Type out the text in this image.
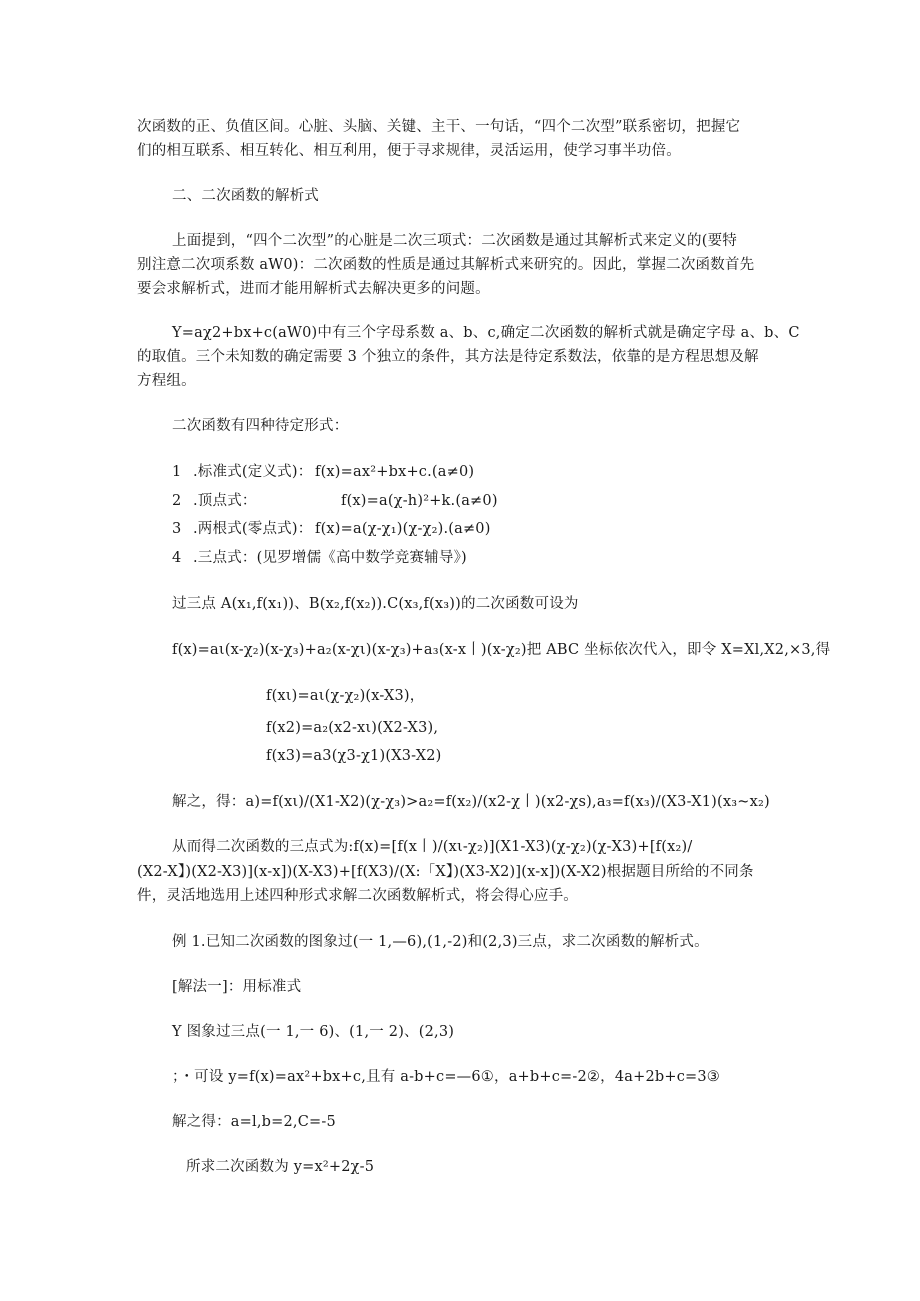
次函数的正、负值区间。心脏、头脑、关键、主干、一句话，“四个二次型”联系密切，把握它
们的相互联系、相互转化、相互利用，便于寻求规律，灵活运用，使学习事半功倍。
二、二次函数的解析式
上面提到，“四个二次型”的心脏是二次三项式：二次函数是通过其解析式来定义的(要特
别注意二次项系数 aW0)：二次函数的性质是通过其解析式来研究的。因此，掌握二次函数首先
要会求解析式，进而才能用解析式去解决更多的问题。
Y=aχ2+bx+c(aW0)中有三个字母系数 a、b、c,确定二次函数的解析式就是确定字母 a、b、C
的取值。三个未知数的确定需要 3 个独立的条件，其方法是待定系数法，依靠的是方程思想及解
方程组。
二次函数有四种待定形式：
1 .标准式(定义式)： f(x)=ax²+bx+c.(a≠0)
2 .顶点式：	f(x)=a(χ-h)²+k.(a≠0)
3 .两根式(零点式)： f(x)=a(χ-χ₁)(χ-χ₂).(a≠0)
4 .三点式：(见罗增儒《高中数学竞赛辅导》)
过三点 A(x₁,f(x₁))、B(x₂,f(x₂)).C(x₃,f(x₃))的二次函数可设为
f(x)=aι(x-χ₂)(x-χ₃)+a₂(x-χι)(x-χ₃)+a₃(x-x丨)(x-χ₂)把 ABC 坐标依次代入，即令 X=Xl,X2,×3,得
f(xι)=aι(χ-χ₂)(x-X3)，
f(x2)=a₂(x2-xι)(X2-X3),
f(x3)=a3(χ3-χ1)(X3-X2)
解之，得：a)=f(xι)/(X1-X2)(χ-χ₃)>a₂=f(x₂)/(x2-χ丨)(x2-χs),a₃=f(x₃)/(X3-X1)(x₃~x₂)
从而得二次函数的三点式为:f(x)=[f(x丨)/(xι-χ₂)](X1-X3)(χ-χ₂)(χ-X3)+[f(x₂)/
(X2-X】)(X2-X3)](x-x])(X-X3)+[f(X3)/(X:「X】)(X3-X2)](x-x])(X-X2)根据题目所给的不同条
件，灵活地选用上述四种形式求解二次函数解析式，将会得心应手。
例 1.已知二次函数的图象过(一 1,—6),(1,-2)和(2,3)三点，求二次函数的解析式。
[解法一]：用标准式
Y 图象过三点(一 1,一 6)、(1,一 2)、(2,3)
；・可设 y=f(x)=ax²+bx+c,且有 a-b+c=—6①，a+b+c=-2②，4a+2b+c=3③
解之得：a=l,b=2,C=-5
所求二次函数为 y=x²+2χ-5
